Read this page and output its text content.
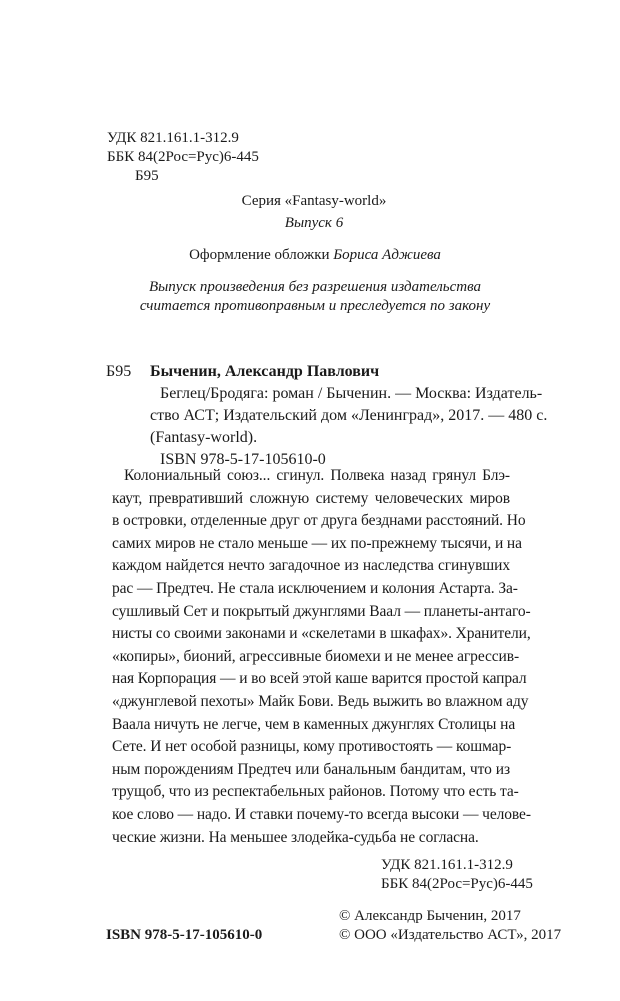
УДК 821.161.1-312.9

ББК 84(2Рос=Рус)6-445

Б95

Серия «Fantasy-world»

Выпуск 6

Оформление обложки Бориса Аджиева

Выпуск произведения без разрешения издательства

считается противоправным и преследуется по закону

Б95 Быченин, Александр Павлович

Беглец/Бродяга: роман / Быченин. — Москва: Издатель-

ство АСТ; Издательский дом «Ленинград», 2017. — 480 с.

(Fantasy-world).

ISBN 978-5-17-105610-0

Колониальный союз... сгинул. Полвека назад грянул Блэ-
каут, превративший сложную систему человеческих миров
в островки, отделенные друг от друга безднами расстояний. Но
самих миров не стало меньше — их по-прежнему тысячи, и на
каждом найдется нечто загадочное из наследства сгинувших
рас — Предтеч. Не стала исключением и колония Астарта. За-
сушливый Сет и покрытый джунглями Ваал — планеты-антаго-
нисты со своими законами и «скелетами в шкафах». Хранители,
«копиры», бионий, агрессивные биомехи и не менее агрессив-
ная Корпорация — и во всей этой каше варится простой капрал
«джунглевой пехоты» Майк Бови. Ведь выжить во влажном аду
Ваала ничуть не легче, чем в каменных джунглях Столицы на
Сете. И нет особой разницы, кому противостоять — кошмар-
ным порождениям Предтеч или банальным бандитам, что из
трущоб, что из респектабельных районов. Потому что есть та-
кое слово — надо. И ставки почему-то всегда высоки — челове-
ческие жизни. На меньшее злодейка-судьба не согласна.

УДК 821.161.1-312.9

ББК 84(2Рос=Рус)6-445

© Александр Быченин, 2017

ISBN 978-5-17-105610-0	© ООО «Издательство АСТ», 2017
